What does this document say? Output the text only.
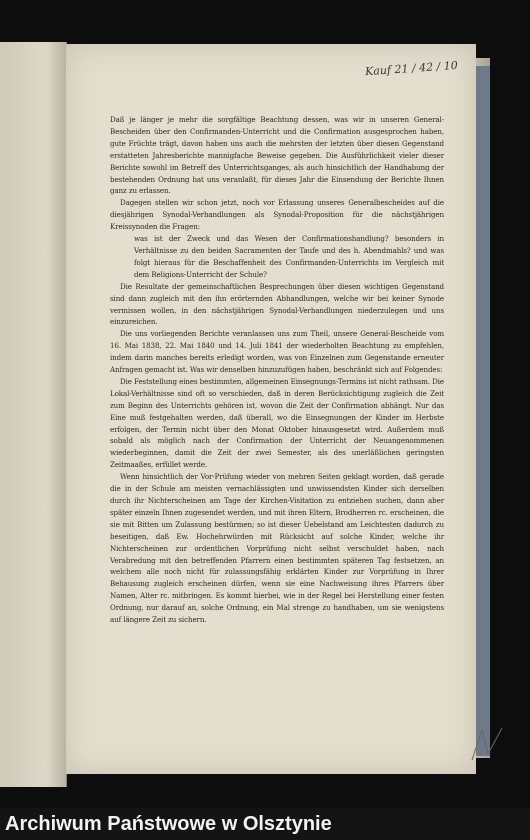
Kauf 21 / 42 / 10

Daß je länger je mehr die sorgfältige Beachtung dessen, was wir in unseren General-Bescheiden über den Confirmanden-Unterricht und die Confirmation ausgesprochen haben, gute Früchte trägt, davon haben uns auch die mehrsten der letzten über diesen Gegenstand erstatteten Jahresberichte mannigfache Beweise gegeben. Die Ausführlichkeit vieler dieser Berichte sowohl im Betreff des Unterrichtsganges, als auch hinsichtlich der Handhabung der bestehenden Ordnung hat uns veranlaßt, für dieses Jahr die Einsendung der Berichte Ihnen ganz zu erlassen.

Dagegen stellen wir schon jetzt, noch vor Erlassung unseres Generalbescheides auf die diesjährigen Synodal-Verhandlungen als Synodal-Proposition für die nächstjährigen Kreissynoden die Fragen:

was ist der Zweck und das Wesen der Confirmationshandlung? besonders in Verhältnisse zu den beiden Sacramenten der Taufe und des h. Abendmahls? und was folgt hieraus für die Beschaffenheit des Confirmanden-Unterrichts im Vergleich mit dem Religions-Unterricht der Schule?

Die Resultate der gemeinschaftlichen Besprechungen über diesen wichtigen Gegenstand sind dann zugleich mit den ihn erörternden Abhandlungen, welche wir bei keiner Synode vermissen wollen, in den nächstjährigen Synodal-Verhandlungen niederzulegen und uns einzureichen.

Die uns vorliegenden Berichte veranlassen uns zum Theil, unsere General-Bescheide vom 16. Mai 1838, 22. Mai 1840 und 14. Juli 1841 der wiederholten Beachtung zu empfehlen, indem darin manches bereits erledigt worden, was von Einzelnen zum Gegenstande erneuter Anfragen gemacht ist. Was wir denselben hinzuzufügen haben, beschränkt sich auf Folgendes:

Die Feststellung eines bestimmten, allgemeinen Einsegnungs-Termins ist nicht rathsam. Die Lokal-Verhältnisse sind oft so verschieden, daß in deren Berücksichtigung zugleich die Zeit zum Beginn des Unterrichts gehören ist, wovon die Zeit der Confirmation abhängt. Nur das Eine muß festgehalten werden, daß überall, wo die Einsegnungen der Kinder im Herbste erfolgen, der Termin nicht über den Monat Oktober hinausgesetzt wird. Außerdem muß sobald als möglich nach der Confirmation der Unterricht der Neuangenommenen wiederbeginnen, damit die Zeit der zwei Semester, als des unerläßlichen geringsten Zeitmaaßes, erfüllet werde.

Wenn hinsichtlich der Vor-Prüfung wieder von mehren Seiten geklagt worden, daß gerade die in der Schule am meisten vernachlässigten und unwissendsten Kinder sich derselben durch ihr Nichterscheinen am Tage der Kirchen-Visitation zu entziehen suchen, dann aber später einzeln Ihnen zugesendet werden, und mit ihren Eltern, Brodherren rc. erscheinen, die sie mit Bitten um Zulassung bestürmen; so ist dieser Uebelstand am Leichtesten dadurch zu beseitigen, daß Ew. Hochehrwürden mit Rücksicht auf solche Kinder, welche ihr Nichterscheinen zur ordentlichen Vorprüfung nicht selbst verschuldet haben, nach Verabredung mit den betreffenden Pfarrern einen bestimmten späteren Tag festsetzen, an welchem alle noch nicht für zulassungsfähig erklärten Kinder zur Vorprüfung in Ihrer Behausung zugleich erscheinen dürfen, wenn sie eine Nachweisung ihres Pfarrers über Namen, Alter rc. mitbringen. Es kommt hierbei, wie in der Regel bei Herstellung einer festen Ordnung, nur darauf an, solche Ordnung, ein Mal strenge zu handhaben, um sie wenigstens auf längere Zeit zu sichern.

Archiwum Państwowe w Olsztynie
